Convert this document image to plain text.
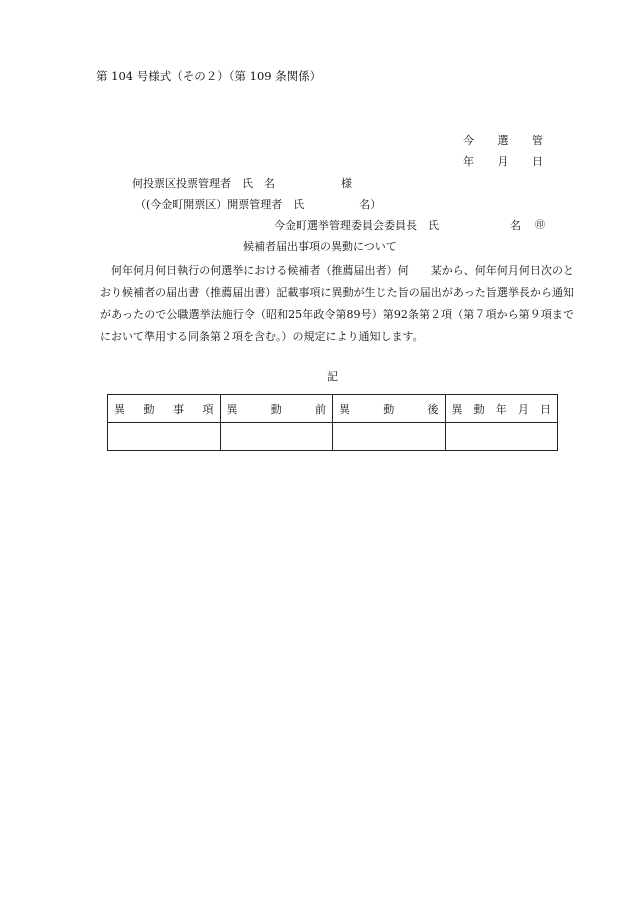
第 104 号様式（その２）（第 109 条関係）
今 選 管
年 月 日
何投票区投票管理者　氏　名　　　　　　様
（(今金町開票区）開票管理者　氏　　　　　名）
今金町選挙管理委員会委員長　氏	名 ㊞
候補者届出事項の異動について

何年何月何日執行の何選挙における候補者（推薦届出者）何　　某から、何年何月何日次のとおり候補者の届出書（推薦届出書）記載事項に異動が生じた旨の届出があった旨選挙長から通知があったので公職選挙法施行令（昭和25年政令第89号）第92条第２項（第７項から第９項までにおいて準用する同条第２項を含む。）の規定により通知します。

記
異 動 事 項	異 動 前	異 動 後	異 動 年 月 日
